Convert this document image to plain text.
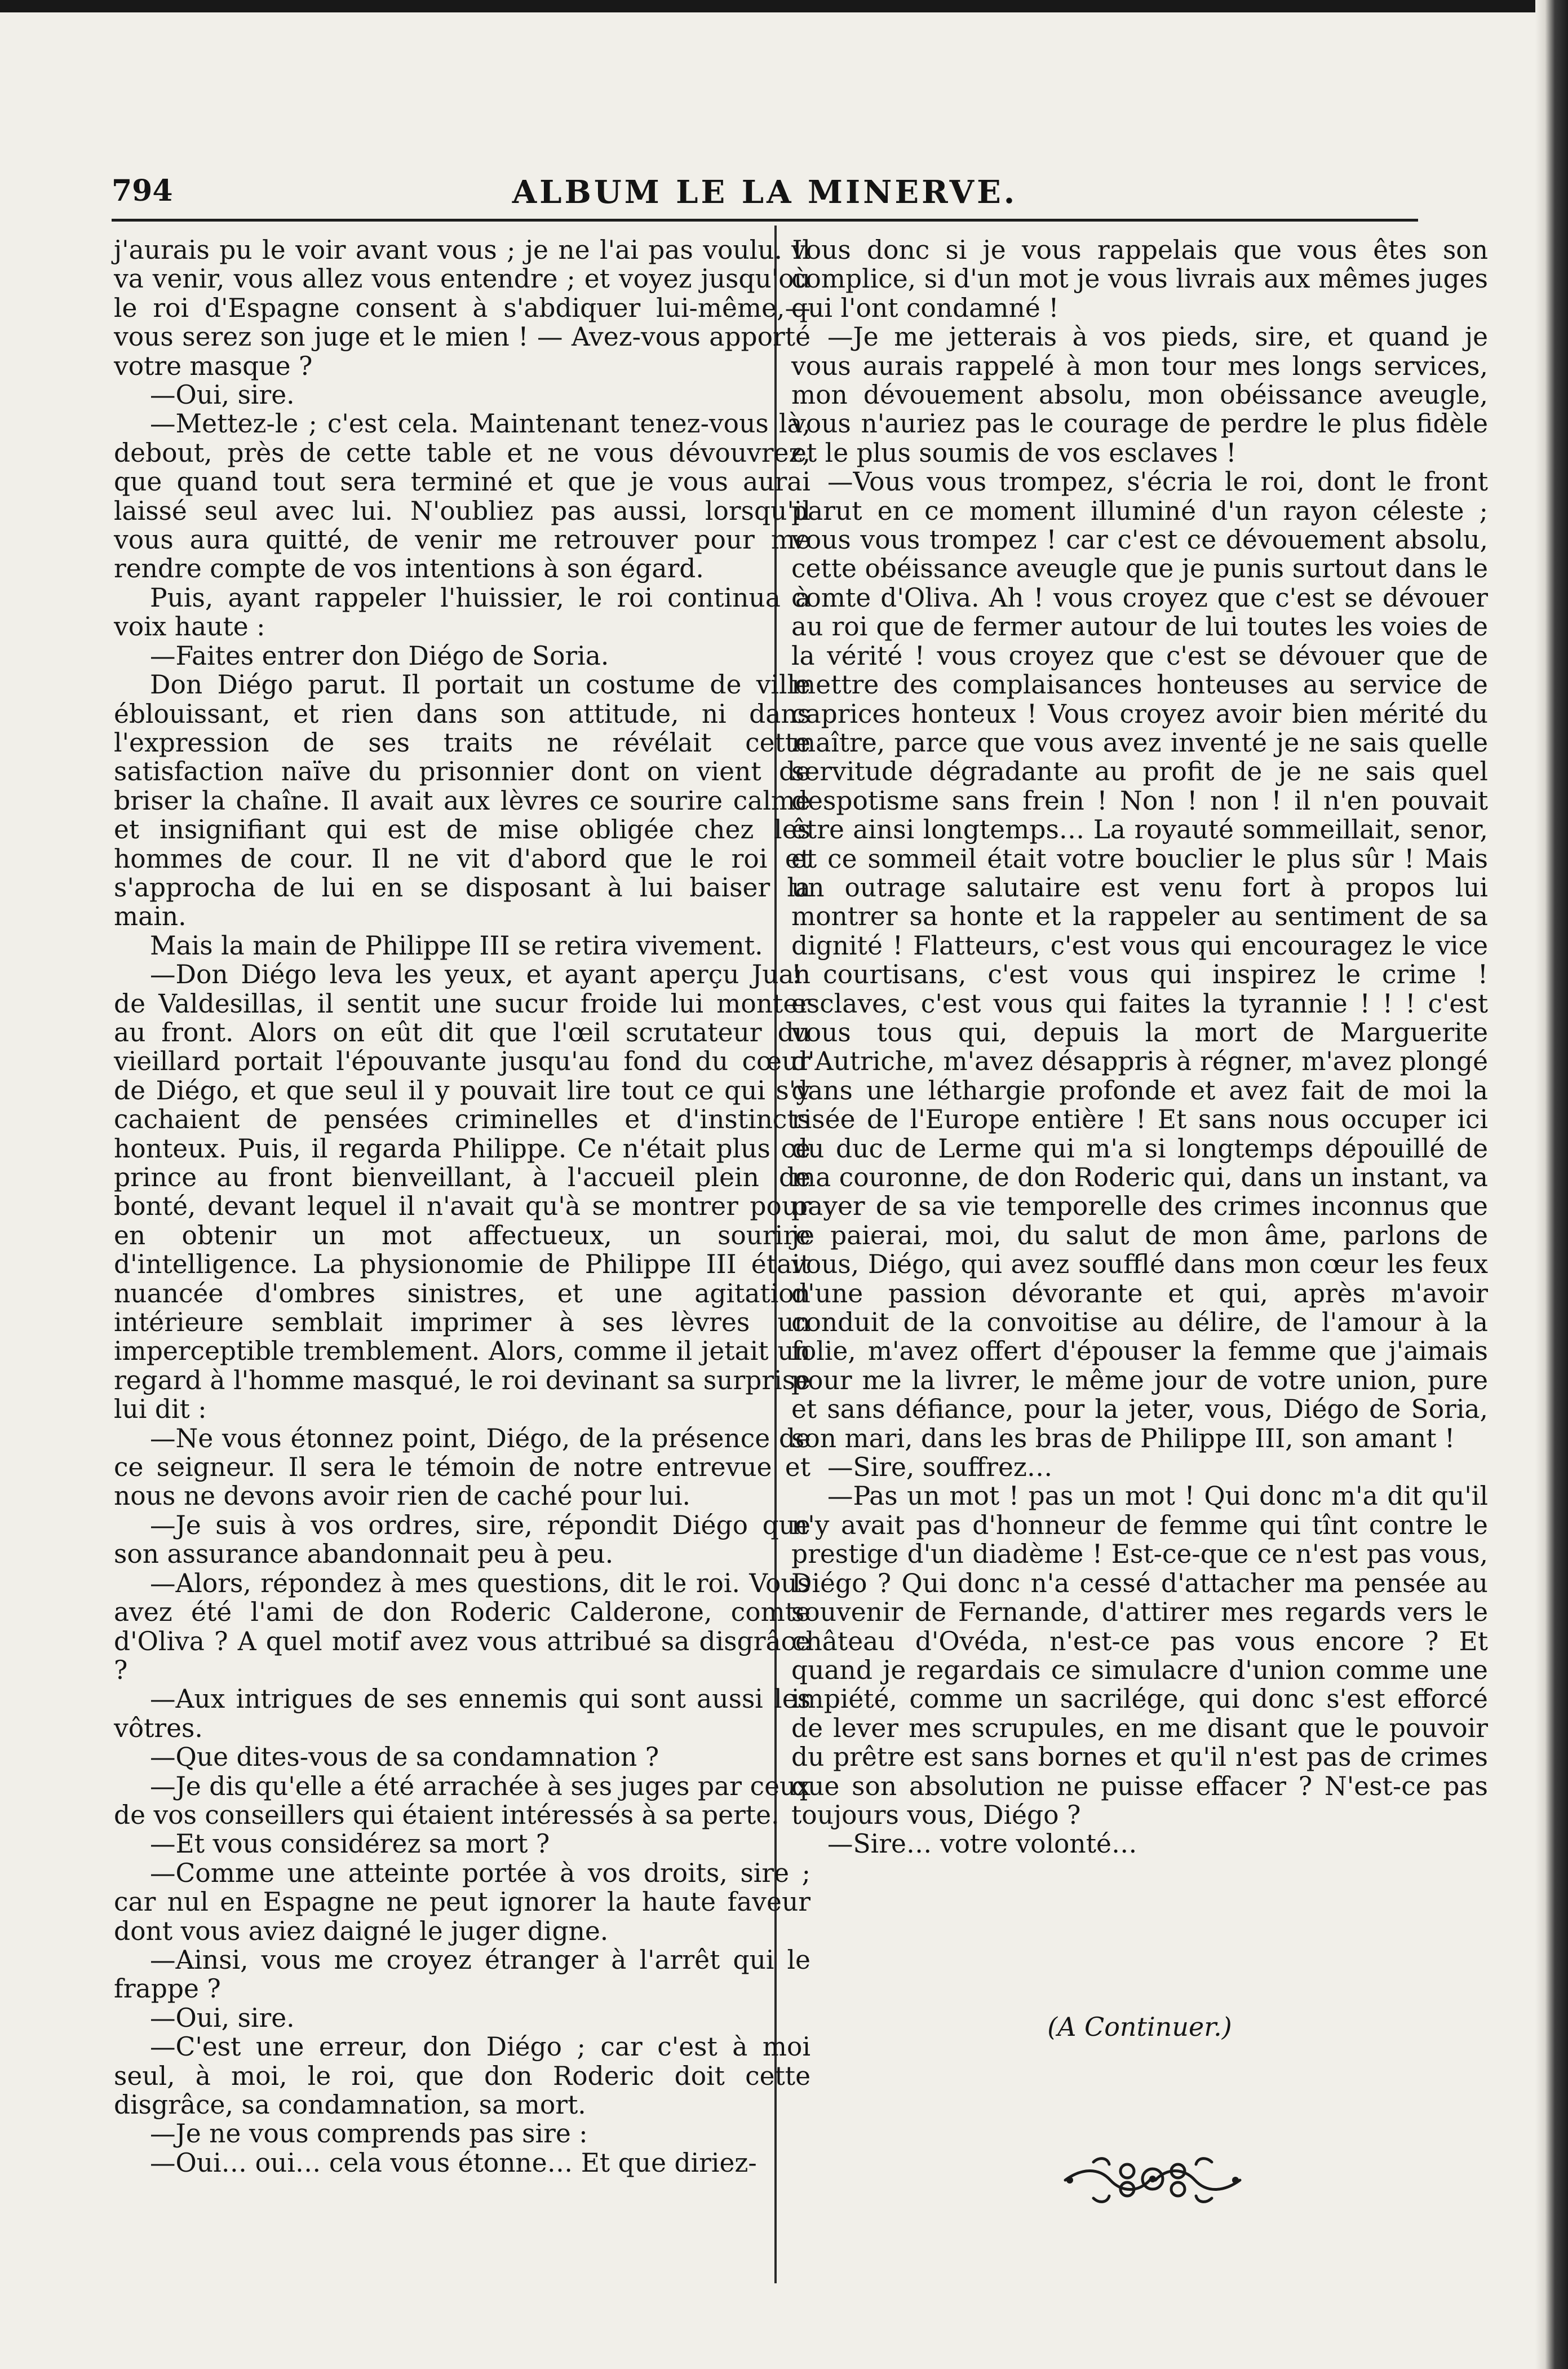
794	ALBUM LE LA MINERVE.

j'aurais pu le voir avant vous ; je ne l'ai pas voulu. Il va venir, vous allez vous entendre ; et voyez jusqu'où le roi d'Espagne consent à s'abdiquer lui-même,—vous serez son juge et le mien ! — Avez-vous apporté votre masque ?

—Oui, sire.

—Mettez-le ; c'est cela. Maintenant tenez-vous là, debout, près de cette table et ne vous dévouvrez, que quand tout sera terminé et que je vous aurai laissé seul avec lui. N'oubliez pas aussi, lorsqu'il vous aura quitté, de venir me retrouver pour me rendre compte de vos intentions à son égard.

Puis, ayant rappeler l'huissier, le roi continua à voix haute :

—Faites entrer don Diégo de Soria.

Don Diégo parut. Il portait un costume de ville éblouissant, et rien dans son attitude, ni dans l'expression de ses traits ne révélait cette satisfaction naïve du prisonnier dont on vient de briser la chaîne. Il avait aux lèvres ce sourire calme et insignifiant qui est de mise obligée chez les hommes de cour. Il ne vit d'abord que le roi et s'approcha de lui en se disposant à lui baiser la main.

Mais la main de Philippe III se retira vivement.

—Don Diégo leva les yeux, et ayant aperçu Juan de Valdesillas, il sentit une sucur froide lui monter au front. Alors on eût dit que l'œil scrutateur du vieillard portait l'épouvante jusqu'au fond du cœur de Diégo, et que seul il y pouvait lire tout ce qui s'y cachaient de pensées criminelles et d'instincts honteux. Puis, il regarda Philippe. Ce n'était plus ce prince au front bienveillant, à l'accueil plein de bonté, devant lequel il n'avait qu'à se montrer pour en obtenir un mot affectueux, un sourire d'intelligence. La physionomie de Philippe III était nuancée d'ombres sinistres, et une agitation intérieure semblait imprimer à ses lèvres un imperceptible tremblement. Alors, comme il jetait un regard à l'homme masqué, le roi devinant sa surprise lui dit :

—Ne vous étonnez point, Diégo, de la présence de ce seigneur. Il sera le témoin de notre entrevue et nous ne devons avoir rien de caché pour lui.

—Je suis à vos ordres, sire, répondit Diégo que son assurance abandonnait peu à peu.

—Alors, répondez à mes questions, dit le roi. Vous avez été l'ami de don Roderic Calderone, comte d'Oliva ? A quel motif avez vous attribué sa disgrâce ?

—Aux intrigues de ses ennemis qui sont aussi les vôtres.

—Que dites-vous de sa condamnation ?

—Je dis qu'elle a été arrachée à ses juges par ceux de vos conseillers qui étaient intéressés à sa perte.

—Et vous considérez sa mort ?

—Comme une atteinte portée à vos droits, sire ; car nul en Espagne ne peut ignorer la haute faveur dont vous aviez daigné le juger digne.

—Ainsi, vous me croyez étranger à l'arrêt qui le frappe ?

—Oui, sire.

—C'est une erreur, don Diégo ; car c'est à moi seul, à moi, le roi, que don Roderic doit cette disgrâce, sa condamnation, sa mort.

—Je ne vous comprends pas sire :

—Oui… oui… cela vous étonne… Et que diriez-

vous donc si je vous rappelais que vous êtes son complice, si d'un mot je vous livrais aux mêmes juges qui l'ont condamné !

—Je me jetterais à vos pieds, sire, et quand je vous aurais rappelé à mon tour mes longs services, mon dévouement absolu, mon obéissance aveugle, vous n'auriez pas le courage de perdre le plus fidèle et le plus soumis de vos esclaves !

—Vous vous trompez, s'écria le roi, dont le front parut en ce moment illuminé d'un rayon céleste ; vous vous trompez ! car c'est ce dévouement absolu, cette obéissance aveugle que je punis surtout dans le comte d'Oliva. Ah ! vous croyez que c'est se dévouer au roi que de fermer autour de lui toutes les voies de la vérité ! vous croyez que c'est se dévouer que de mettre des complaisances honteuses au service de caprices honteux ! Vous croyez avoir bien mérité du maître, parce que vous avez inventé je ne sais quelle servitude dégradante au profit de je ne sais quel despotisme sans frein ! Non ! non ! il n'en pouvait être ainsi longtemps… La royauté sommeillait, senor, et ce sommeil était votre bouclier le plus sûr ! Mais un outrage salutaire est venu fort à propos lui montrer sa honte et la rappeler au sentiment de sa dignité ! Flatteurs, c'est vous qui encouragez le vice ! courtisans, c'est vous qui inspirez le crime ! esclaves, c'est vous qui faites la tyrannie ! ! ! c'est vous tous qui, depuis la mort de Marguerite d'Autriche, m'avez désappris à régner, m'avez plongé dans une léthargie profonde et avez fait de moi la risée de l'Europe entière ! Et sans nous occuper ici du duc de Lerme qui m'a si longtemps dépouillé de ma couronne, de don Roderic qui, dans un instant, va payer de sa vie temporelle des crimes inconnus que je paierai, moi, du salut de mon âme, parlons de vous, Diégo, qui avez soufflé dans mon cœur les feux d'une passion dévorante et qui, après m'avoir conduit de la convoitise au délire, de l'amour à la folie, m'avez offert d'épouser la femme que j'aimais pour me la livrer, le même jour de votre union, pure et sans défiance, pour la jeter, vous, Diégo de Soria, son mari, dans les bras de Philippe III, son amant !

—Sire, souffrez…

—Pas un mot ! pas un mot ! Qui donc m'a dit qu'il n'y avait pas d'honneur de femme qui tînt contre le prestige d'un diadème ! Est-ce-que ce n'est pas vous, Diégo ? Qui donc n'a cessé d'attacher ma pensée au souvenir de Fernande, d'attirer mes regards vers le château d'Ovéda, n'est-ce pas vous encore ? Et quand je regardais ce simulacre d'union comme une impiété, comme un sacrilége, qui donc s'est efforcé de lever mes scrupules, en me disant que le pouvoir du prêtre est sans bornes et qu'il n'est pas de crimes que son absolution ne puisse effacer ? N'est-ce pas toujours vous, Diégo ?

—Sire… votre volonté…

(A Continuer.)
